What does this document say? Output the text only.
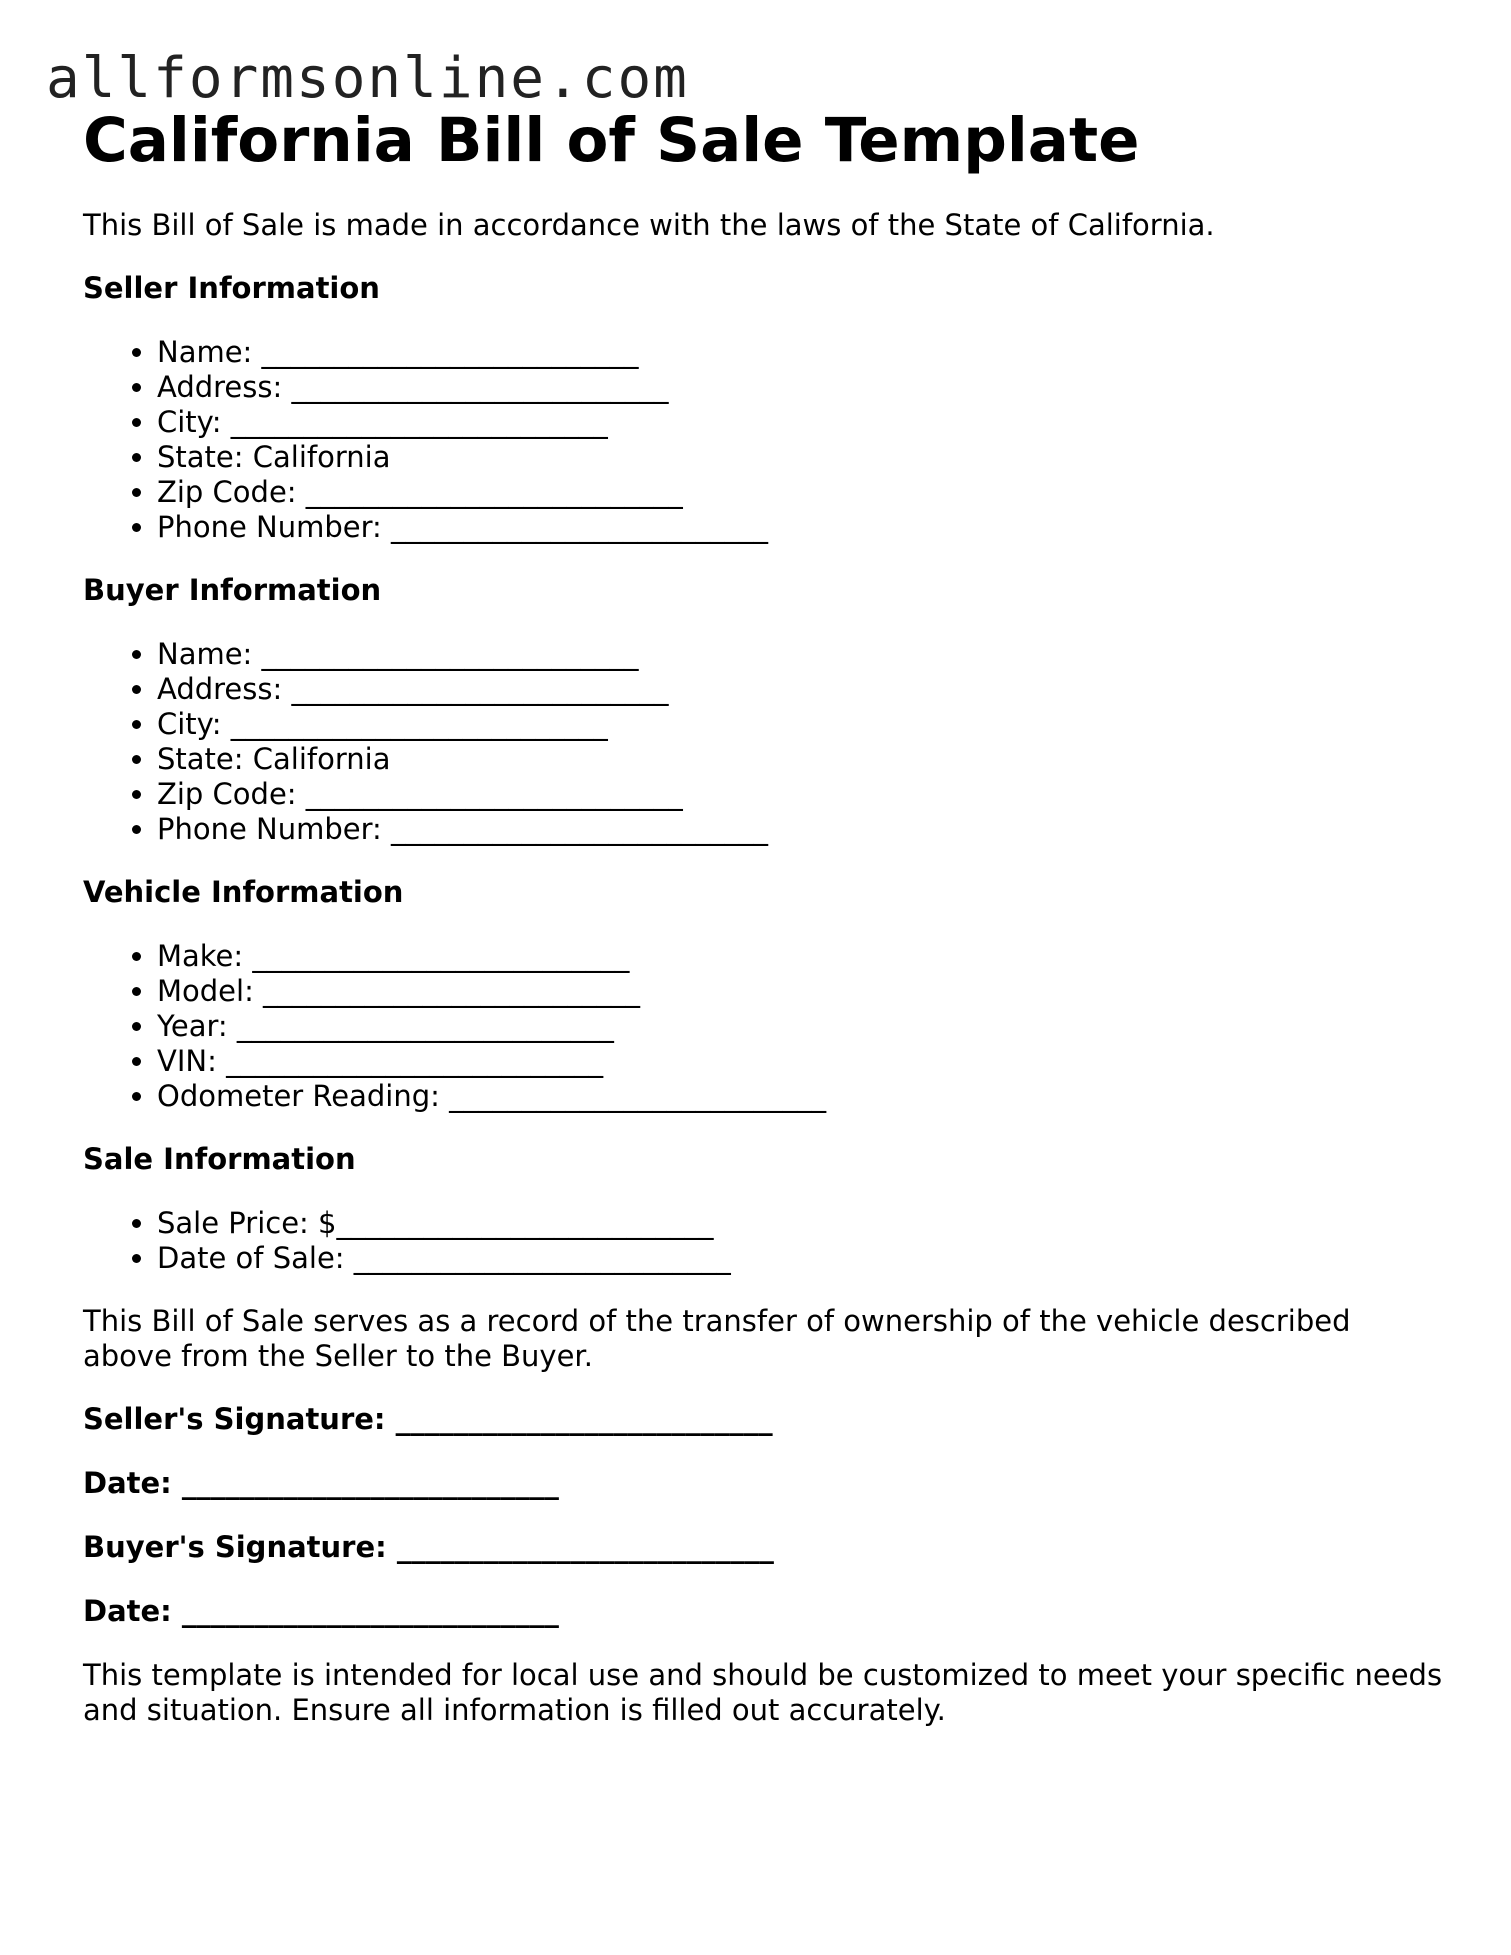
allformsonline.com
California Bill of Sale Template

This Bill of Sale is made in accordance with the laws of the State of California.

Seller Information
• Name: __________________________
• Address: __________________________
• City: __________________________
• State: California
• Zip Code: __________________________
• Phone Number: __________________________
Buyer Information
• Name: __________________________
• Address: __________________________
• City: __________________________
• State: California
• Zip Code: __________________________
• Phone Number: __________________________
Vehicle Information
• Make: __________________________
• Model: __________________________
• Year: __________________________
• VIN: __________________________
• Odometer Reading: __________________________
Sale Information
• Sale Price: $__________________________
• Date of Sale: __________________________

This Bill of Sale serves as a record of the transfer of ownership of the vehicle described above from the Seller to the Buyer.

Seller's Signature: __________________________
Date: __________________________
Buyer's Signature: __________________________
Date: __________________________

This template is intended for local use and should be customized to meet your specific needs and situation. Ensure all information is filled out accurately.
